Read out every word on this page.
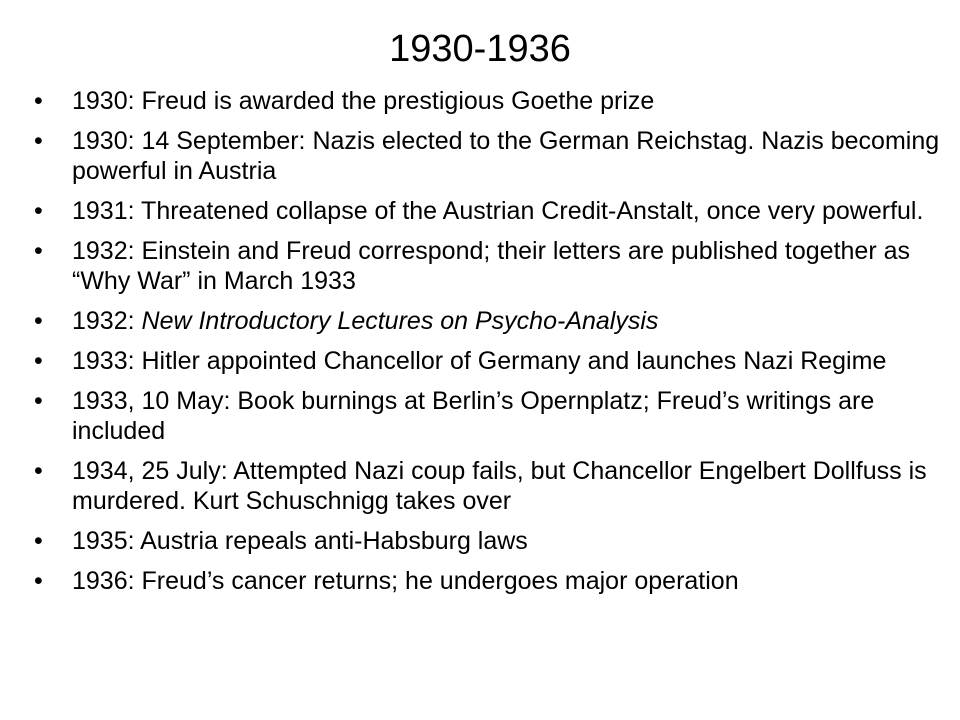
1930-1936
•	1930: Freud is awarded the prestigious Goethe prize
•	1930: 14 September: Nazis elected to the German Reichstag. Nazis becoming powerful in Austria
•	1931: Threatened collapse of the Austrian Credit-Anstalt, once very powerful.
•	1932: Einstein and Freud correspond; their letters are published together as “Why War” in March 1933
•	1932: New Introductory Lectures on Psycho-Analysis
•	1933: Hitler appointed Chancellor of Germany and launches Nazi Regime
•	1933, 10 May: Book burnings at Berlin’s Opernplatz; Freud’s writings are included
•	1934, 25 July: Attempted Nazi coup fails, but Chancellor Engelbert Dollfuss is murdered. Kurt Schuschnigg takes over
•	1935: Austria repeals anti-Habsburg laws
•	1936: Freud’s cancer returns; he undergoes major operation
